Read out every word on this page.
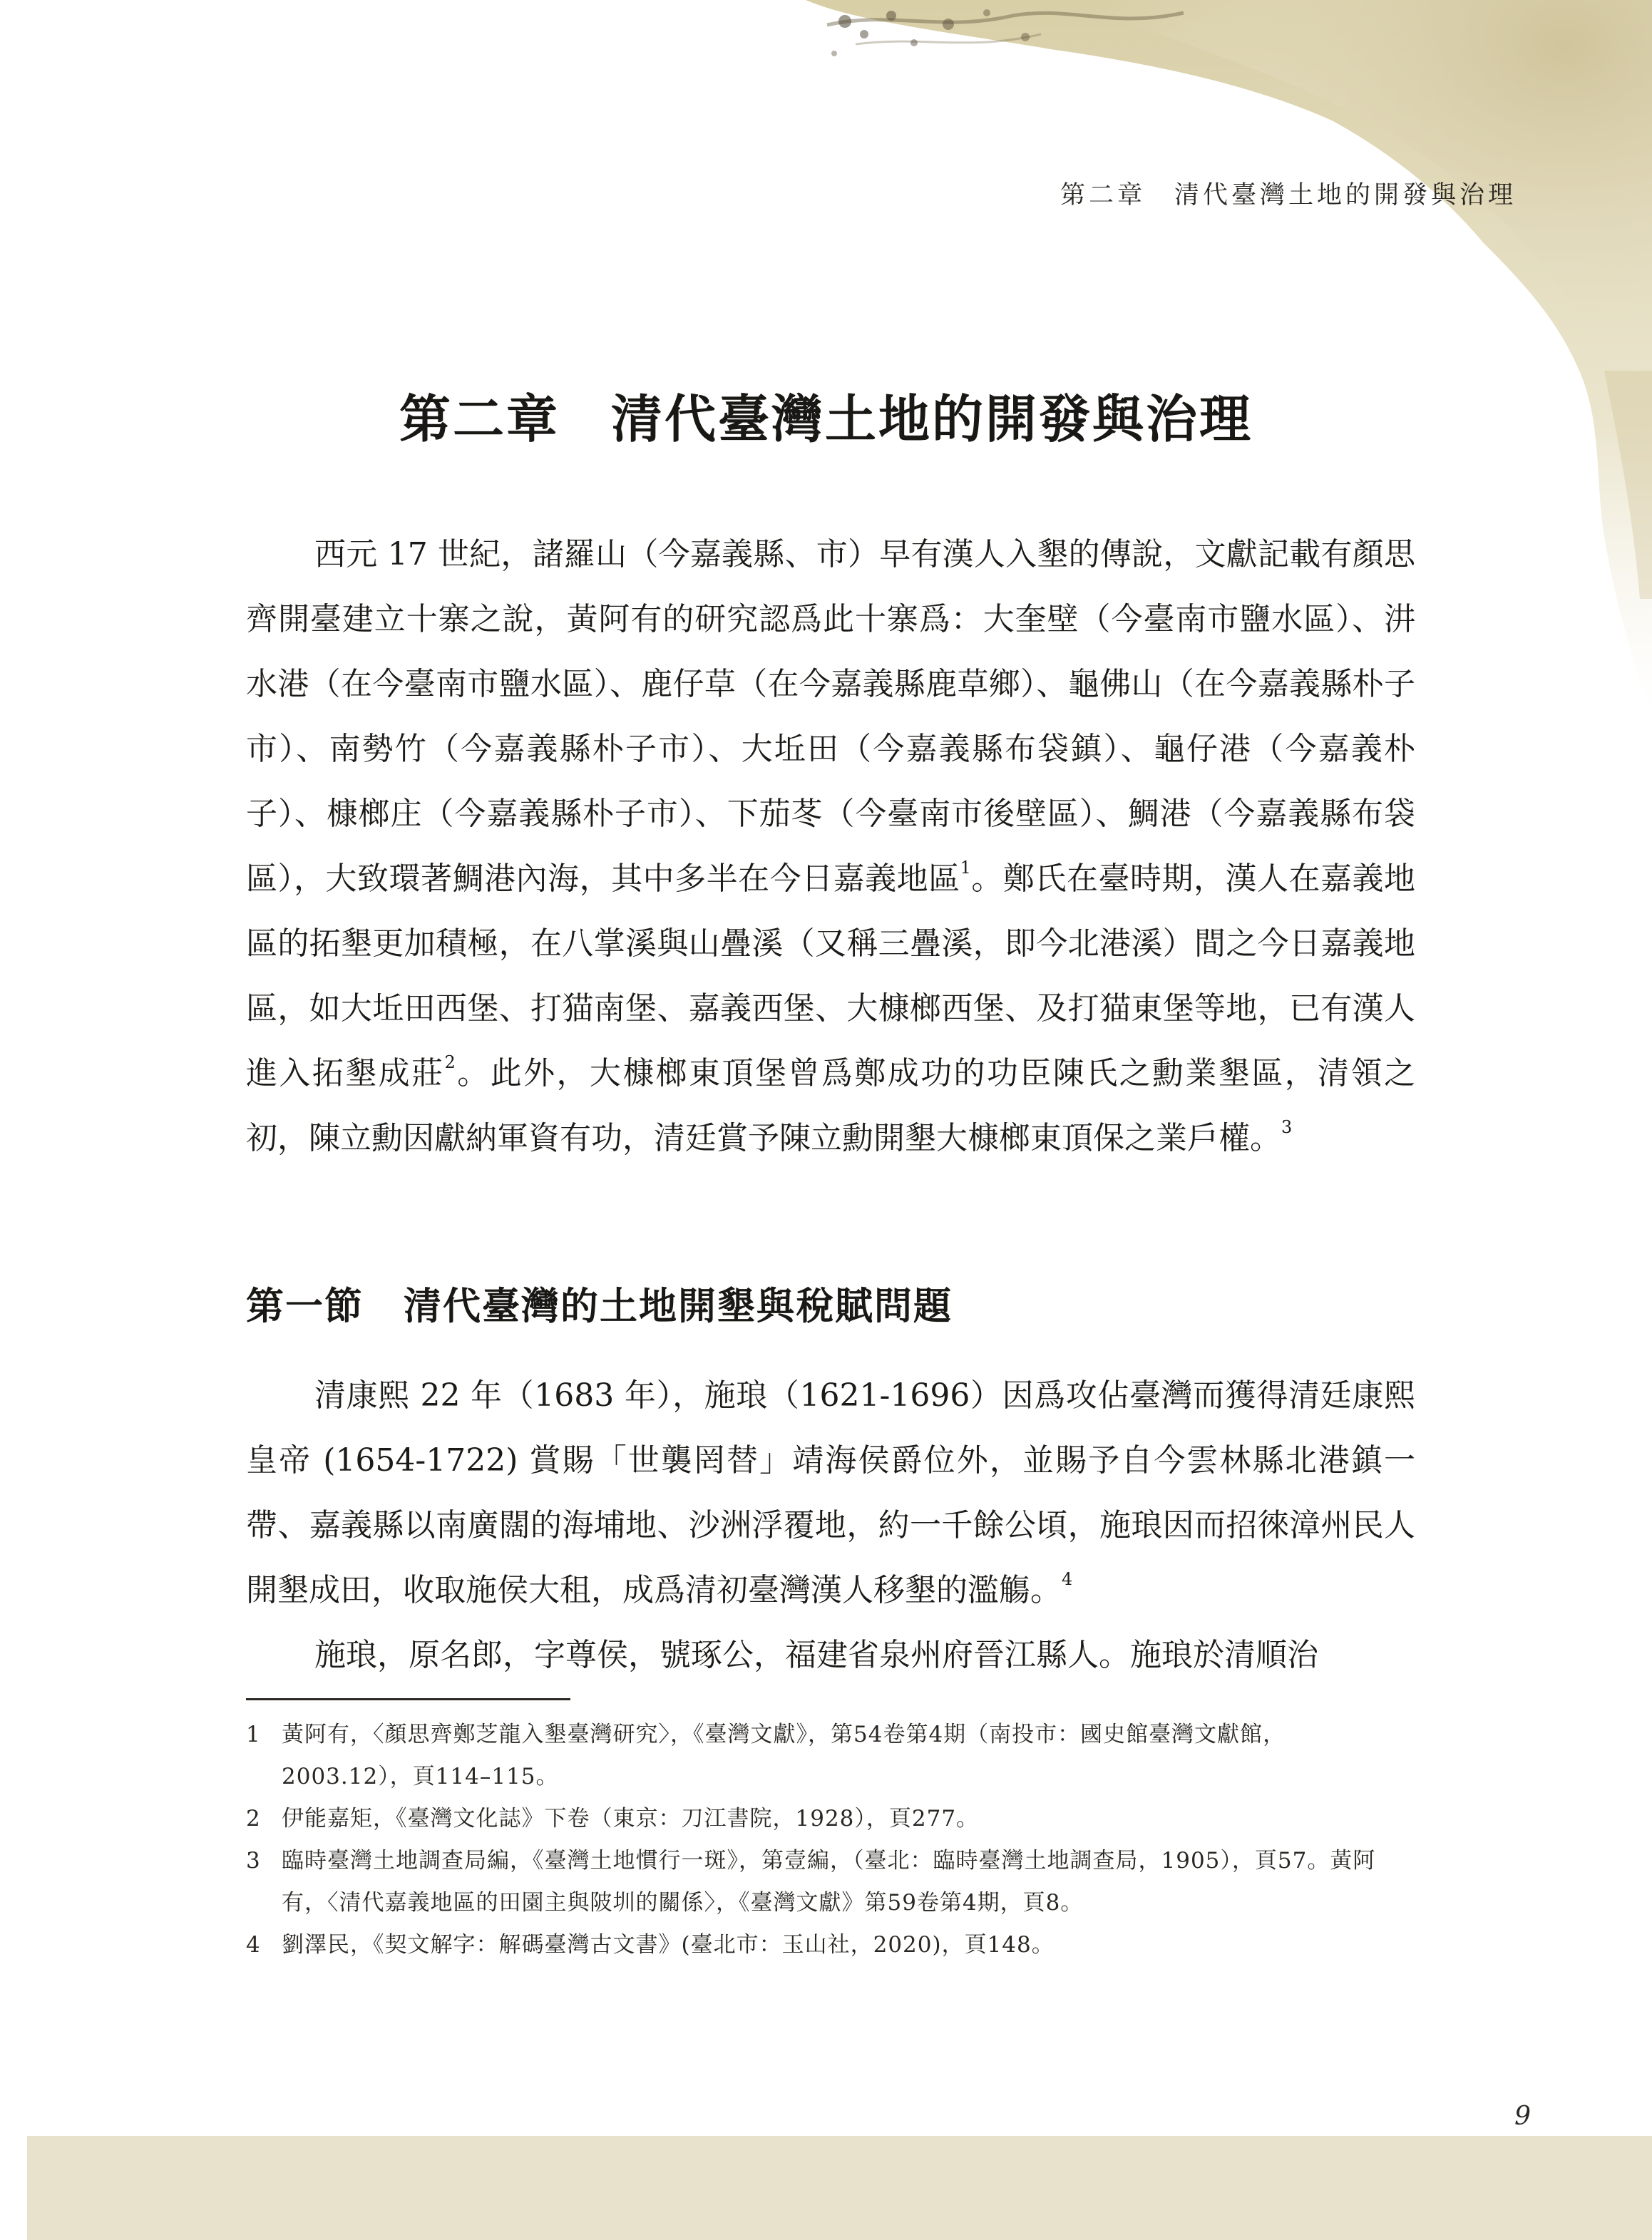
第二章 清代臺灣土地的開發與治理
第二章 清代臺灣土地的開發與治理

西元 17 世紀，諸羅山（今嘉義縣、市）早有漢人入墾的傳說，文獻記載有顏思齊開臺建立十寨之說，黃阿有的研究認爲此十寨爲：大奎壁（今臺南市鹽水區）、汫水港（在今臺南市鹽水區）、鹿仔草（在今嘉義縣鹿草鄉）、龜佛山（在今嘉義縣朴子市）、南勢竹（今嘉義縣朴子市）、大坵田（今嘉義縣布袋鎮）、龜仔港（今嘉義朴子）、槺榔庄（今嘉義縣朴子市）、下茄苳（今臺南市後壁區）、鯛港（今嘉義縣布袋區），大致環著鯛港內海，其中多半在今日嘉義地區$^1$。鄭氏在臺時期，漢人在嘉義地區的拓墾更加積極，在八掌溪與山疊溪（又稱三疊溪，即今北港溪）間之今日嘉義地區，如大坵田西堡、打猫南堡、嘉義西堡、大槺榔西堡、及打猫東堡等地，已有漢人進入拓墾成莊$^2$。此外，大槺榔東頂堡曾爲鄭成功的功臣陳氏之勳業墾區，清領之初，陳立勳因獻納軍資有功，清廷賞予陳立勳開墾大槺榔東頂保之業戶權。$^3$

第一節 清代臺灣的土地開墾與稅賦問題

清康熙 22 年（1683 年），施琅（1621-1696）因爲攻佔臺灣而獲得清廷康熙皇帝 (1654-1722) 賞賜「世襲罔替」靖海侯爵位外，並賜予自今雲林縣北港鎮一帶、嘉義縣以南廣闊的海埔地、沙洲浮覆地，約一千餘公頃，施琅因而招徠漳州民人開墾成田，收取施侯大租，成爲清初臺灣漢人移墾的濫觴。$^4$

施琅，原名郎，字尊侯，號琢公，福建省泉州府晉江縣人。施琅於清順治

1 黃阿有，〈顏思齊鄭芝龍入墾臺灣研究〉，《臺灣文獻》，第54卷第4期（南投市：國史館臺灣文獻館，2003.12），頁114–115。
2 伊能嘉矩，《臺灣文化誌》下卷（東京：刀江書院，1928），頁277。
3 臨時臺灣土地調查局編，《臺灣土地慣行一斑》，第壹編，（臺北：臨時臺灣土地調查局，1905），頁57。黃阿有，〈清代嘉義地區的田園主與陂圳的關係〉，《臺灣文獻》第59卷第4期，頁8。
4 劉澤民，《契文解字：解碼臺灣古文書》(臺北市：玉山社，2020)，頁148。
9
